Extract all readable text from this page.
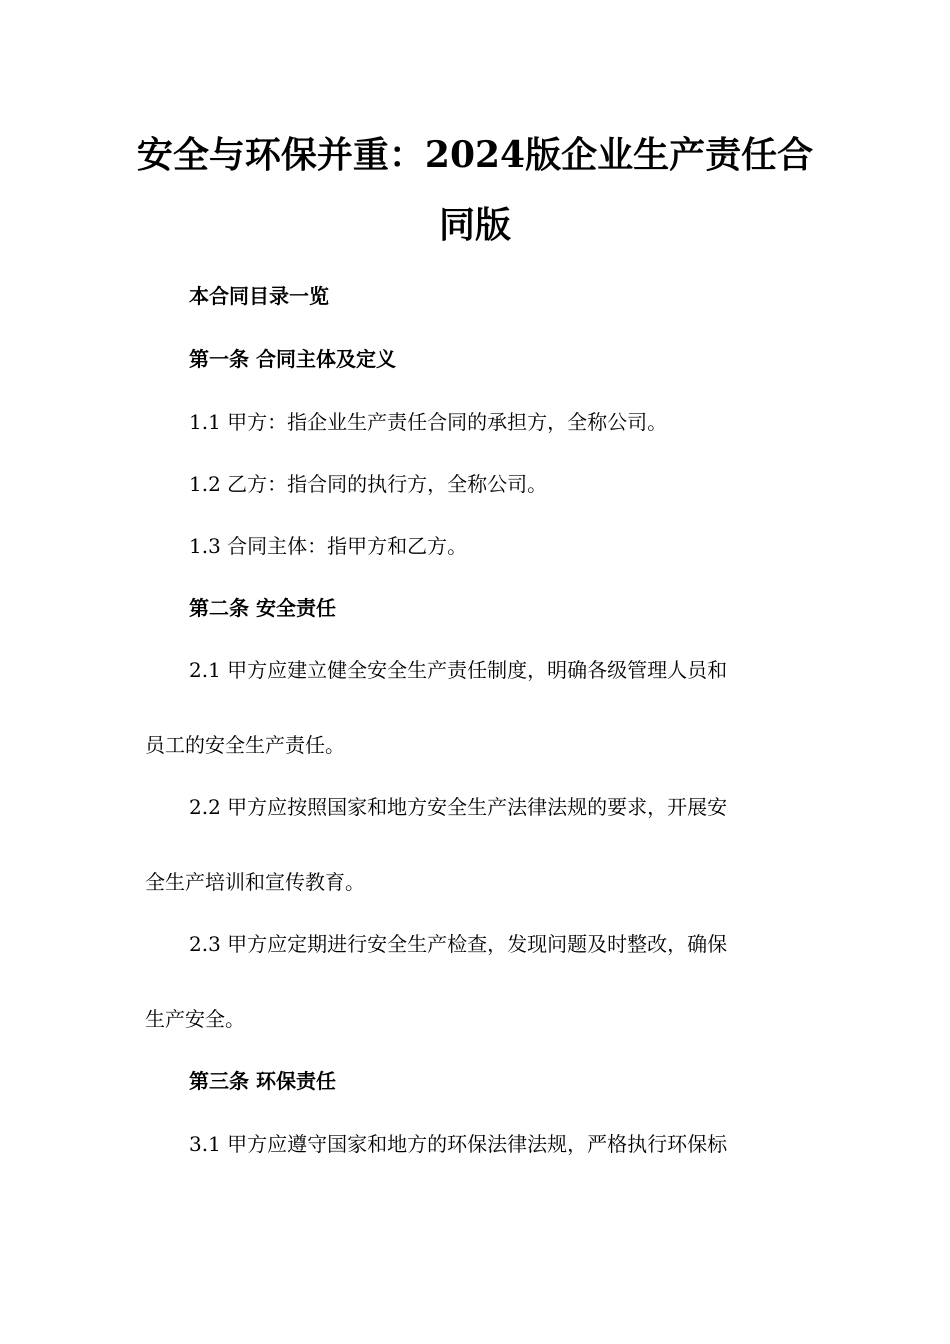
安全与环保并重：2024版企业生产责任合
同版
本合同目录一览
第一条 合同主体及定义
1.1 甲方：指企业生产责任合同的承担方，全称公司。
1.2 乙方：指合同的执行方，全称公司。
1.3 合同主体：指甲方和乙方。
第二条 安全责任
2.1 甲方应建立健全安全生产责任制度，明确各级管理人员和
员工的安全生产责任。
2.2 甲方应按照国家和地方安全生产法律法规的要求，开展安
全生产培训和宣传教育。
2.3 甲方应定期进行安全生产检查，发现问题及时整改，确保
生产安全。
第三条 环保责任
3.1 甲方应遵守国家和地方的环保法律法规，严格执行环保标
